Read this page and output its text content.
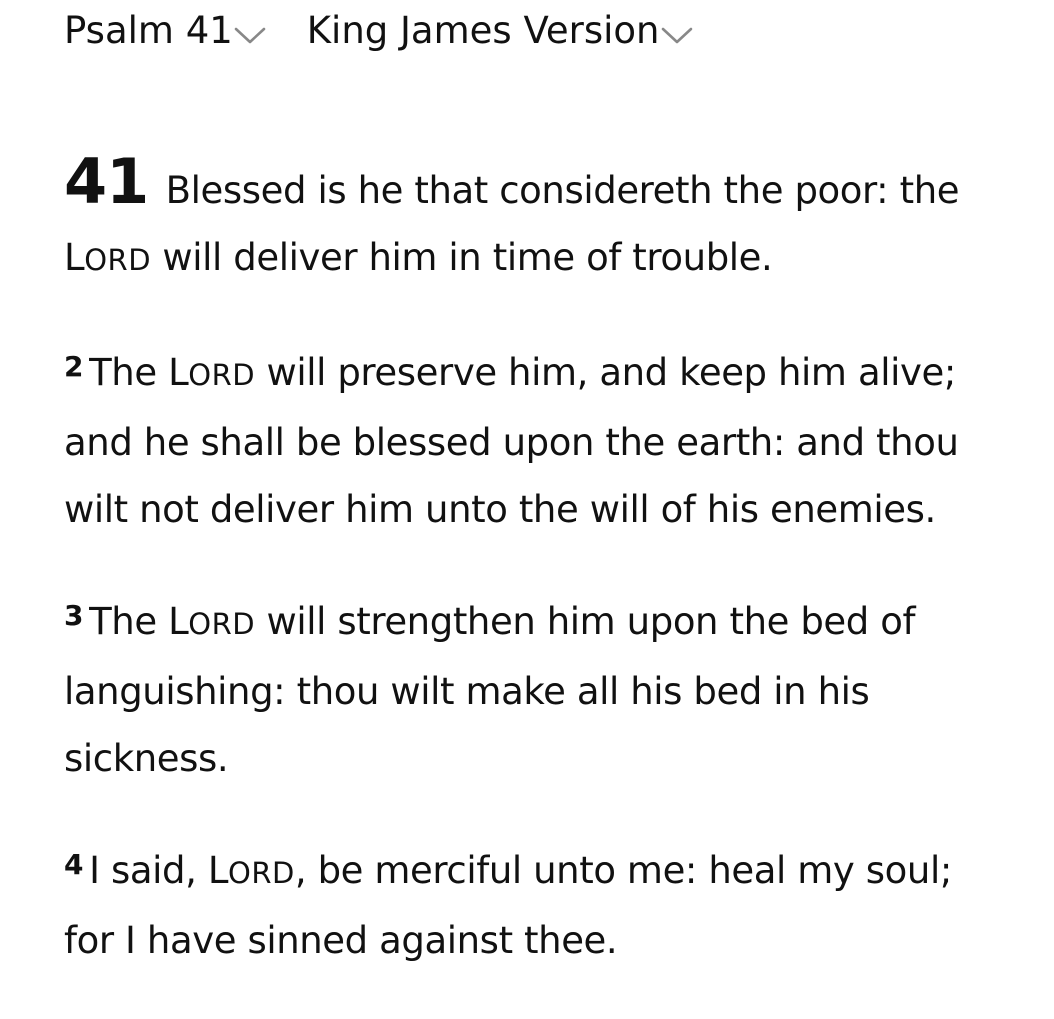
Psalm 41 King James Version

41 Blessed is he that considereth the poor: the LORD will deliver him in time of trouble.

$^2$ The LORD will preserve him, and keep him alive; and he shall be blessed upon the earth: and thou wilt not deliver him unto the will of his enemies.

$^3$ The LORD will strengthen him upon the bed of languishing: thou wilt make all his bed in his sickness.

$^4$ I said, LORD, be merciful unto me: heal my soul; for I have sinned against thee.
